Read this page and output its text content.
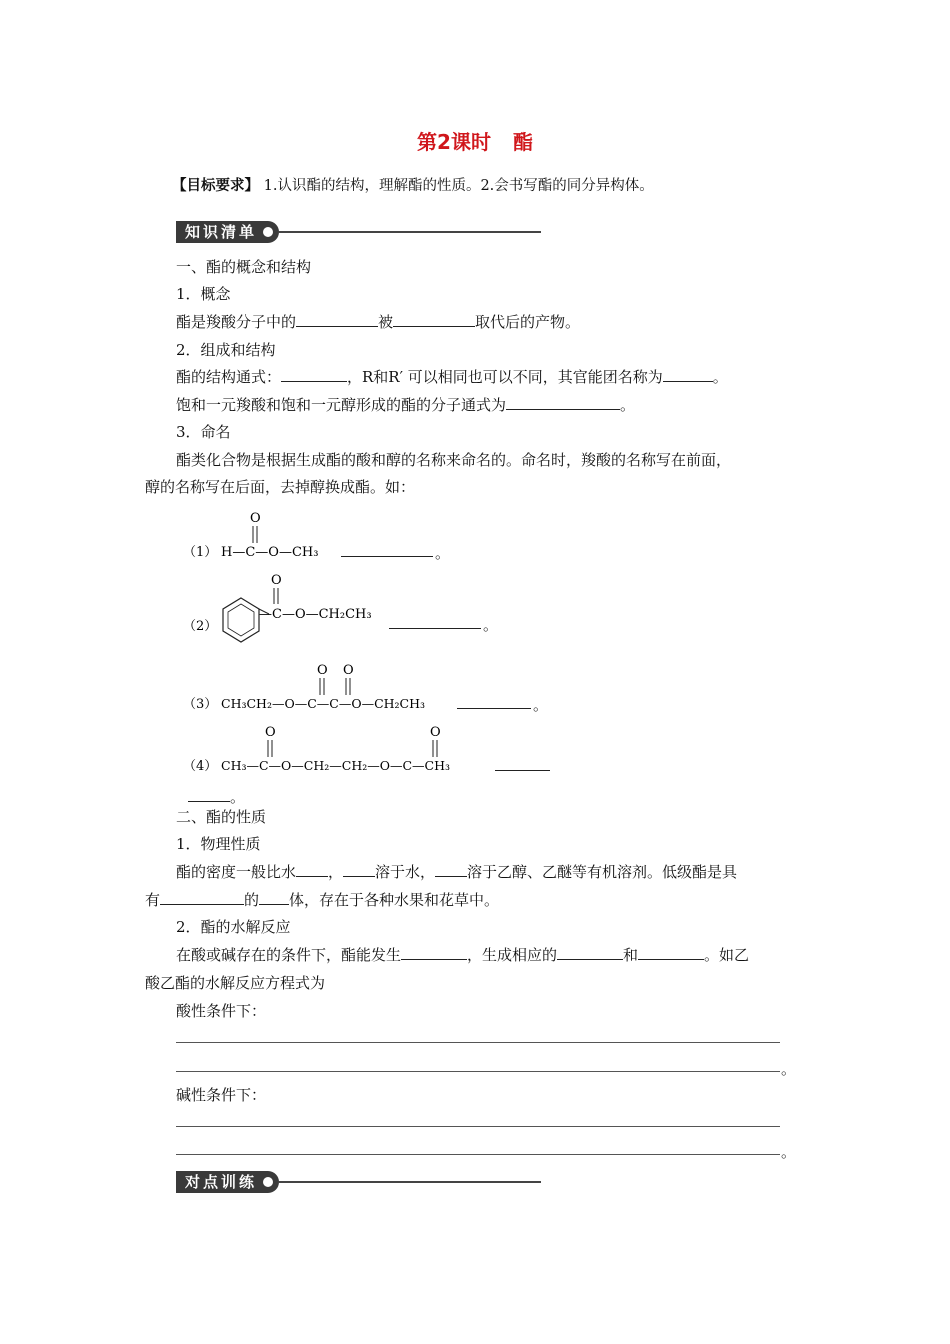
第2课时 酯
【目标要求】 1.认识酯的结构，理解酯的性质。2.会书写酯的同分异构体。
知识清单
一、酯的概念和结构
1．概念
酯是羧酸分子中的	被	取代后的产物。
2．组成和结构
酯的结构通式：	，R和R′ 可以相同也可以不同，其官能团名称为	。
饱和一元羧酸和饱和一元醇形成的酯的分子通式为	。
3．命名
酯类化合物是根据生成酯的酸和醇的名称来命名的。命名时，羧酸的名称写在前面，
醇的名称写在后面，去掉醇换成酯。如：
（1）
O
H—C—O—CH₃	。
（2）
O
—C—O—CH₂CH₃
。
（3）
O O
CH₃CH₂—O—C—C—O—CH₂CH₃	。
（4）
O	O
CH₃—C—O—CH₂—CH₂—O—C—CH₃
。
二、酯的性质
1．物理性质
酯的密度一般比水 ， 溶于水， 溶于乙醇、乙醚等有机溶剂。低级酯是具
有	的 体，存在于各种水果和花草中。
2．酯的水解反应
在酸或碱存在的条件下，酯能发生	，生成相应的	和	。如乙
酸乙酯的水解反应方程式为
酸性条件下：
。
碱性条件下：
。
对点训练
